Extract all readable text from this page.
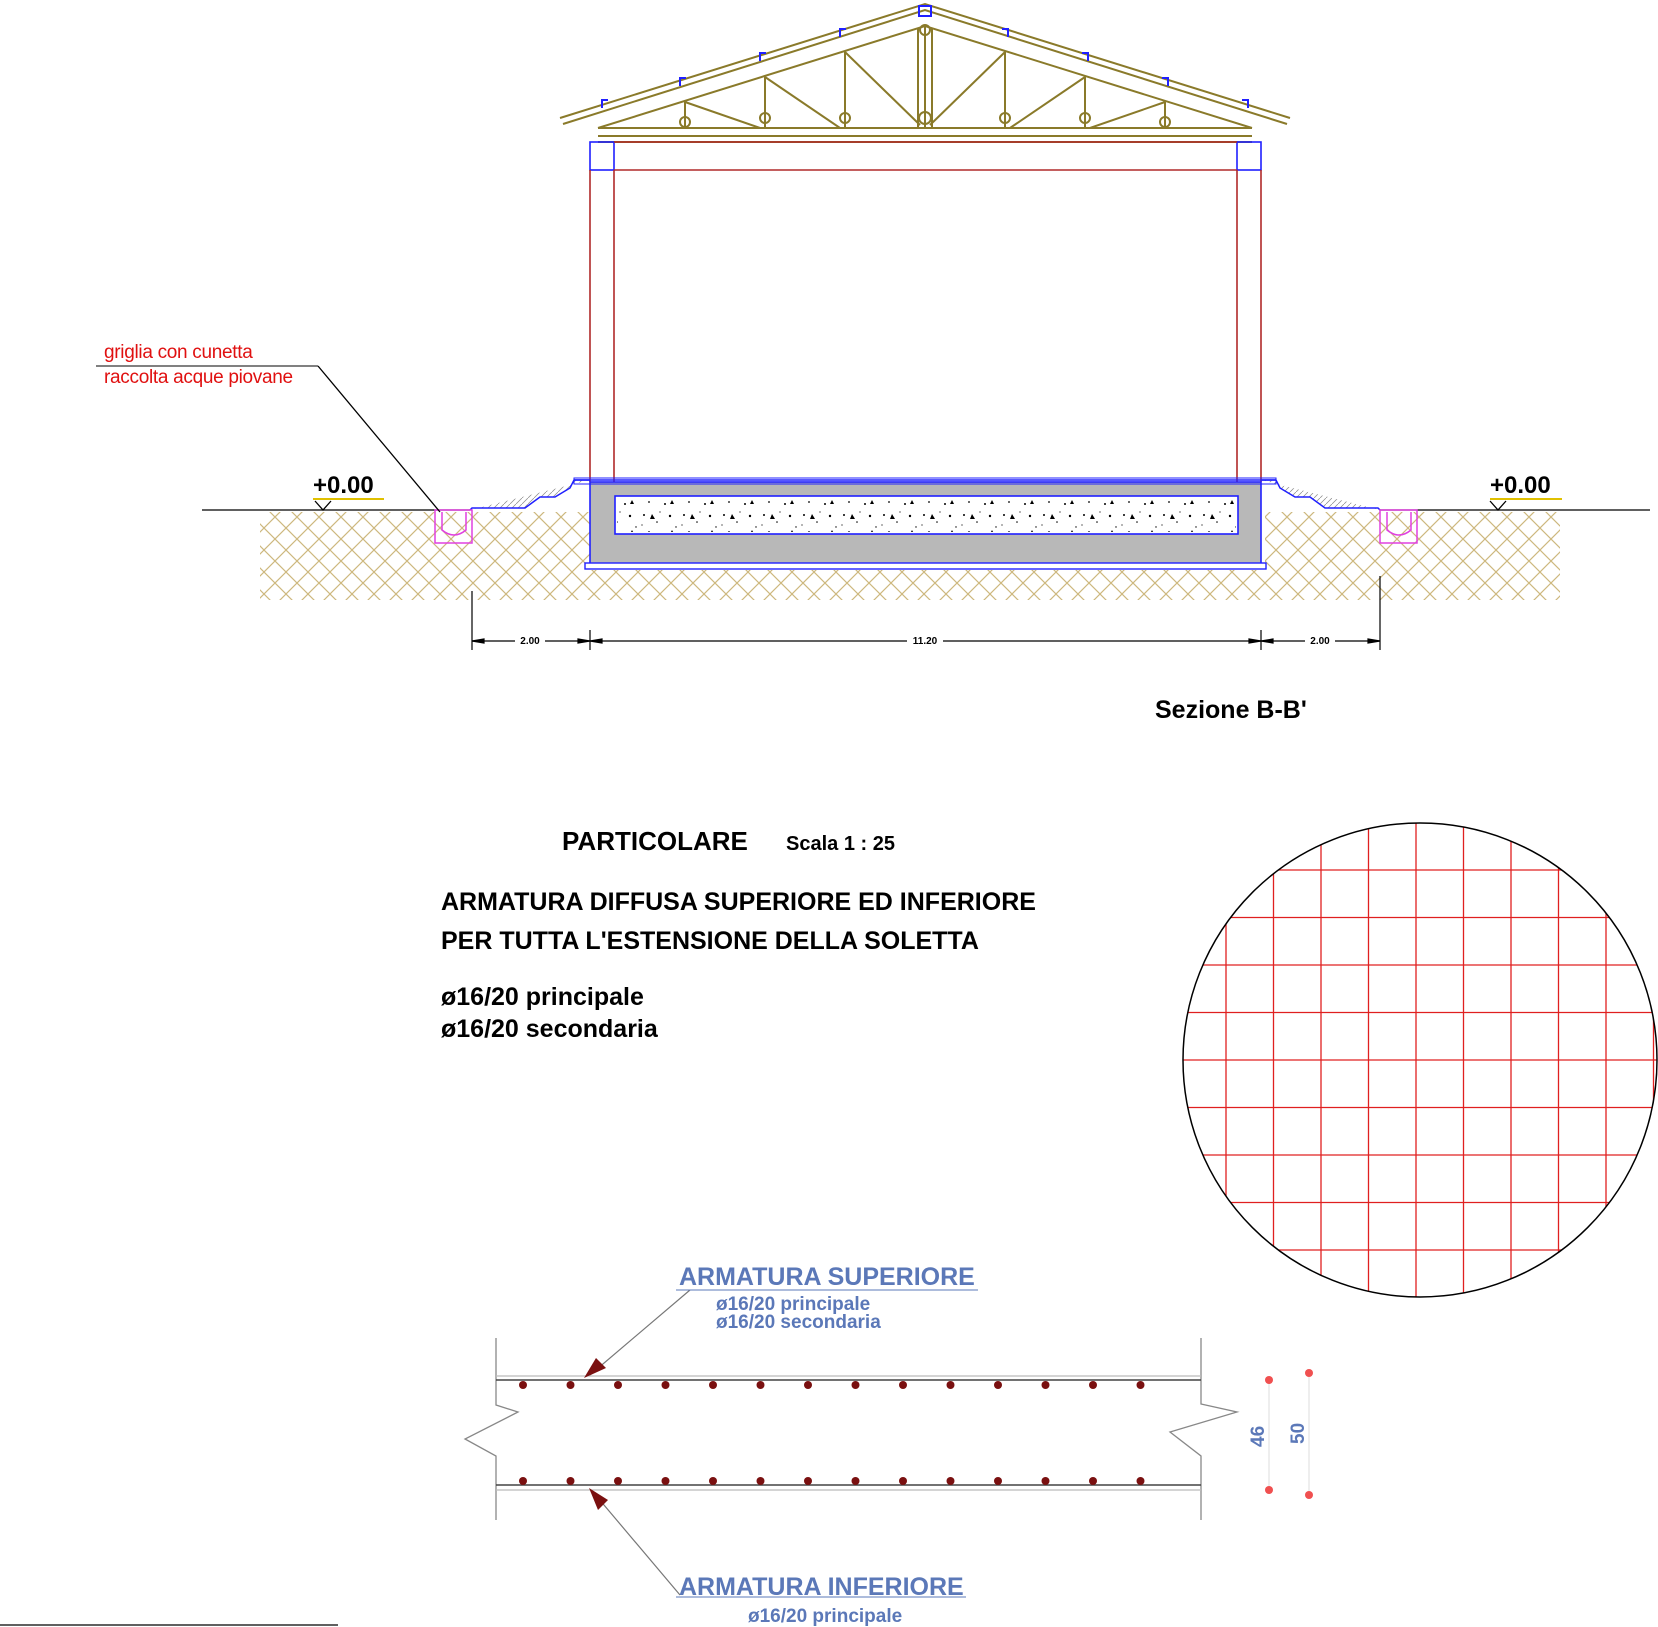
griglia con cunetta
raccolta acque piovane
+0.00	+0.00
2.00	11.20	2.00
Sezione B-B'
PARTICOLARE Scala 1 : 25
ARMATURA DIFFUSA SUPERIORE ED INFERIORE
PER TUTTA L'ESTENSIONE DELLA SOLETTA
ø16/20 principale
ø16/20 secondaria
ARMATURA SUPERIORE
ø16/20 principale
ø16/20 secondaria
ARMATURA INFERIORE
ø16/20 principale
46 50
